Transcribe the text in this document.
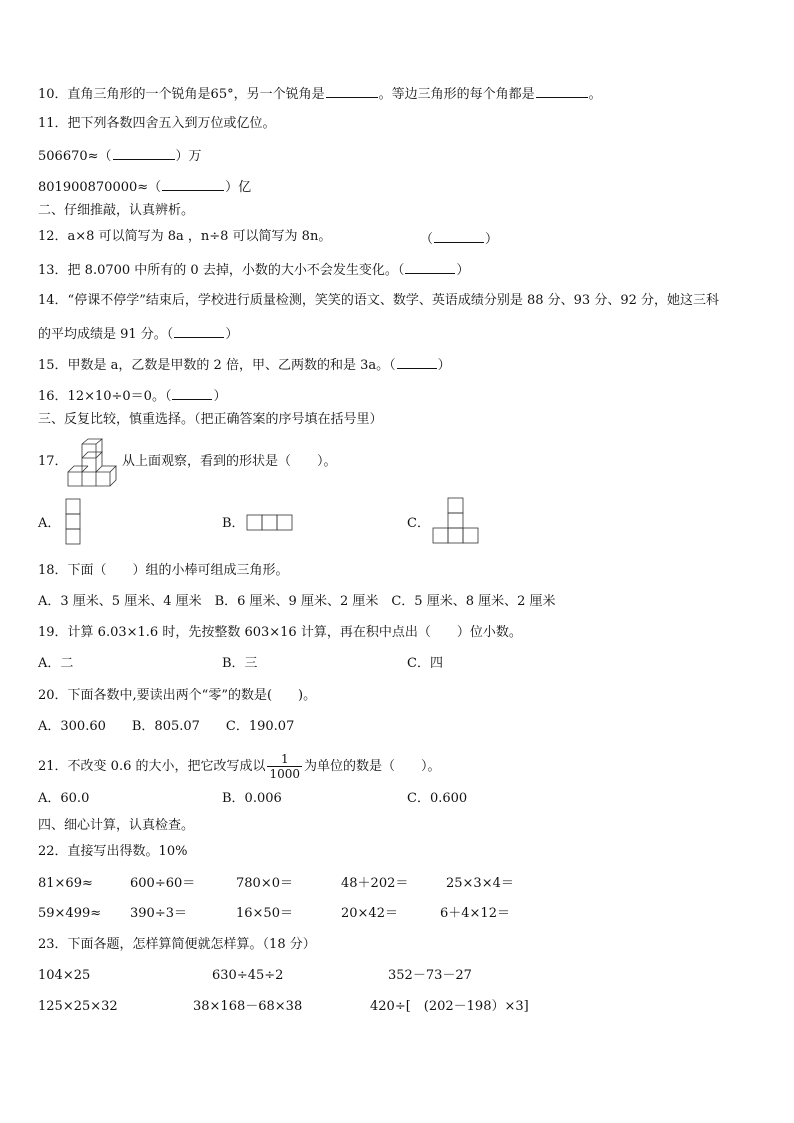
10．直角三角形的一个锐角是65°，另一个锐角是	。等边三角形的每个角都是	。
11．把下列各数四舍五入到万位或亿位。
506670≈（	）万
801900870000≈（	）亿
二、仔细推敲，认真辨析。
12．a×8 可以简写为 8a ，n÷8 可以简写为 8n。	（	）
13．把 8.0700 中所有的 0 去掉，小数的大小不会发生变化。（	）
14．“停课不停学”结束后，学校进行质量检测，笑笑的语文、数学、英语成绩分别是 88 分、93 分、92 分，她这三科
的平均成绩是 91 分。（	）
15．甲数是 a，乙数是甲数的 2 倍，甲、乙两数的和是 3a。（	）
16．12×10÷0＝0。（	）
三、反复比较，慎重选择。（把正确答案的序号填在括号里）
17．	从上面观察，看到的形状是（　　）。
A．	B．	C．
18．下面（　　）组的小棒可组成三角形。
A．3 厘米、5 厘米、4 厘米　B．6 厘米、9 厘米、2 厘米　C．5 厘米、8 厘米、2 厘米
19．计算 6.03×1.6 时，先按整数 603×16 计算，再在积中点出（　　）位小数。
A．二	B．三	C．四
20．下面各数中,要读出两个“零”的数是(　　)。
A．300.60　　B．805.07　　C．190.07
21．不改变 0.6 的大小，把它改写成以 $\frac{1}{1000}$ 为单位的数是（　　）。
A．60.0	B．0.006	C．0.600
四、细心计算，认真检查。
22．直接写出得数。10%
81×69≈	600÷60＝	780×0＝	48＋202＝	25×3×4＝
59×499≈ 390÷3＝	16×50＝	20×42＝	6＋4×12＝
23．下面各题，怎样算简便就怎样算。（18 分）
104×25	630÷45÷2	352－73－27
125×25×32	38×168－68×38	420÷[　(202－198）×3]
